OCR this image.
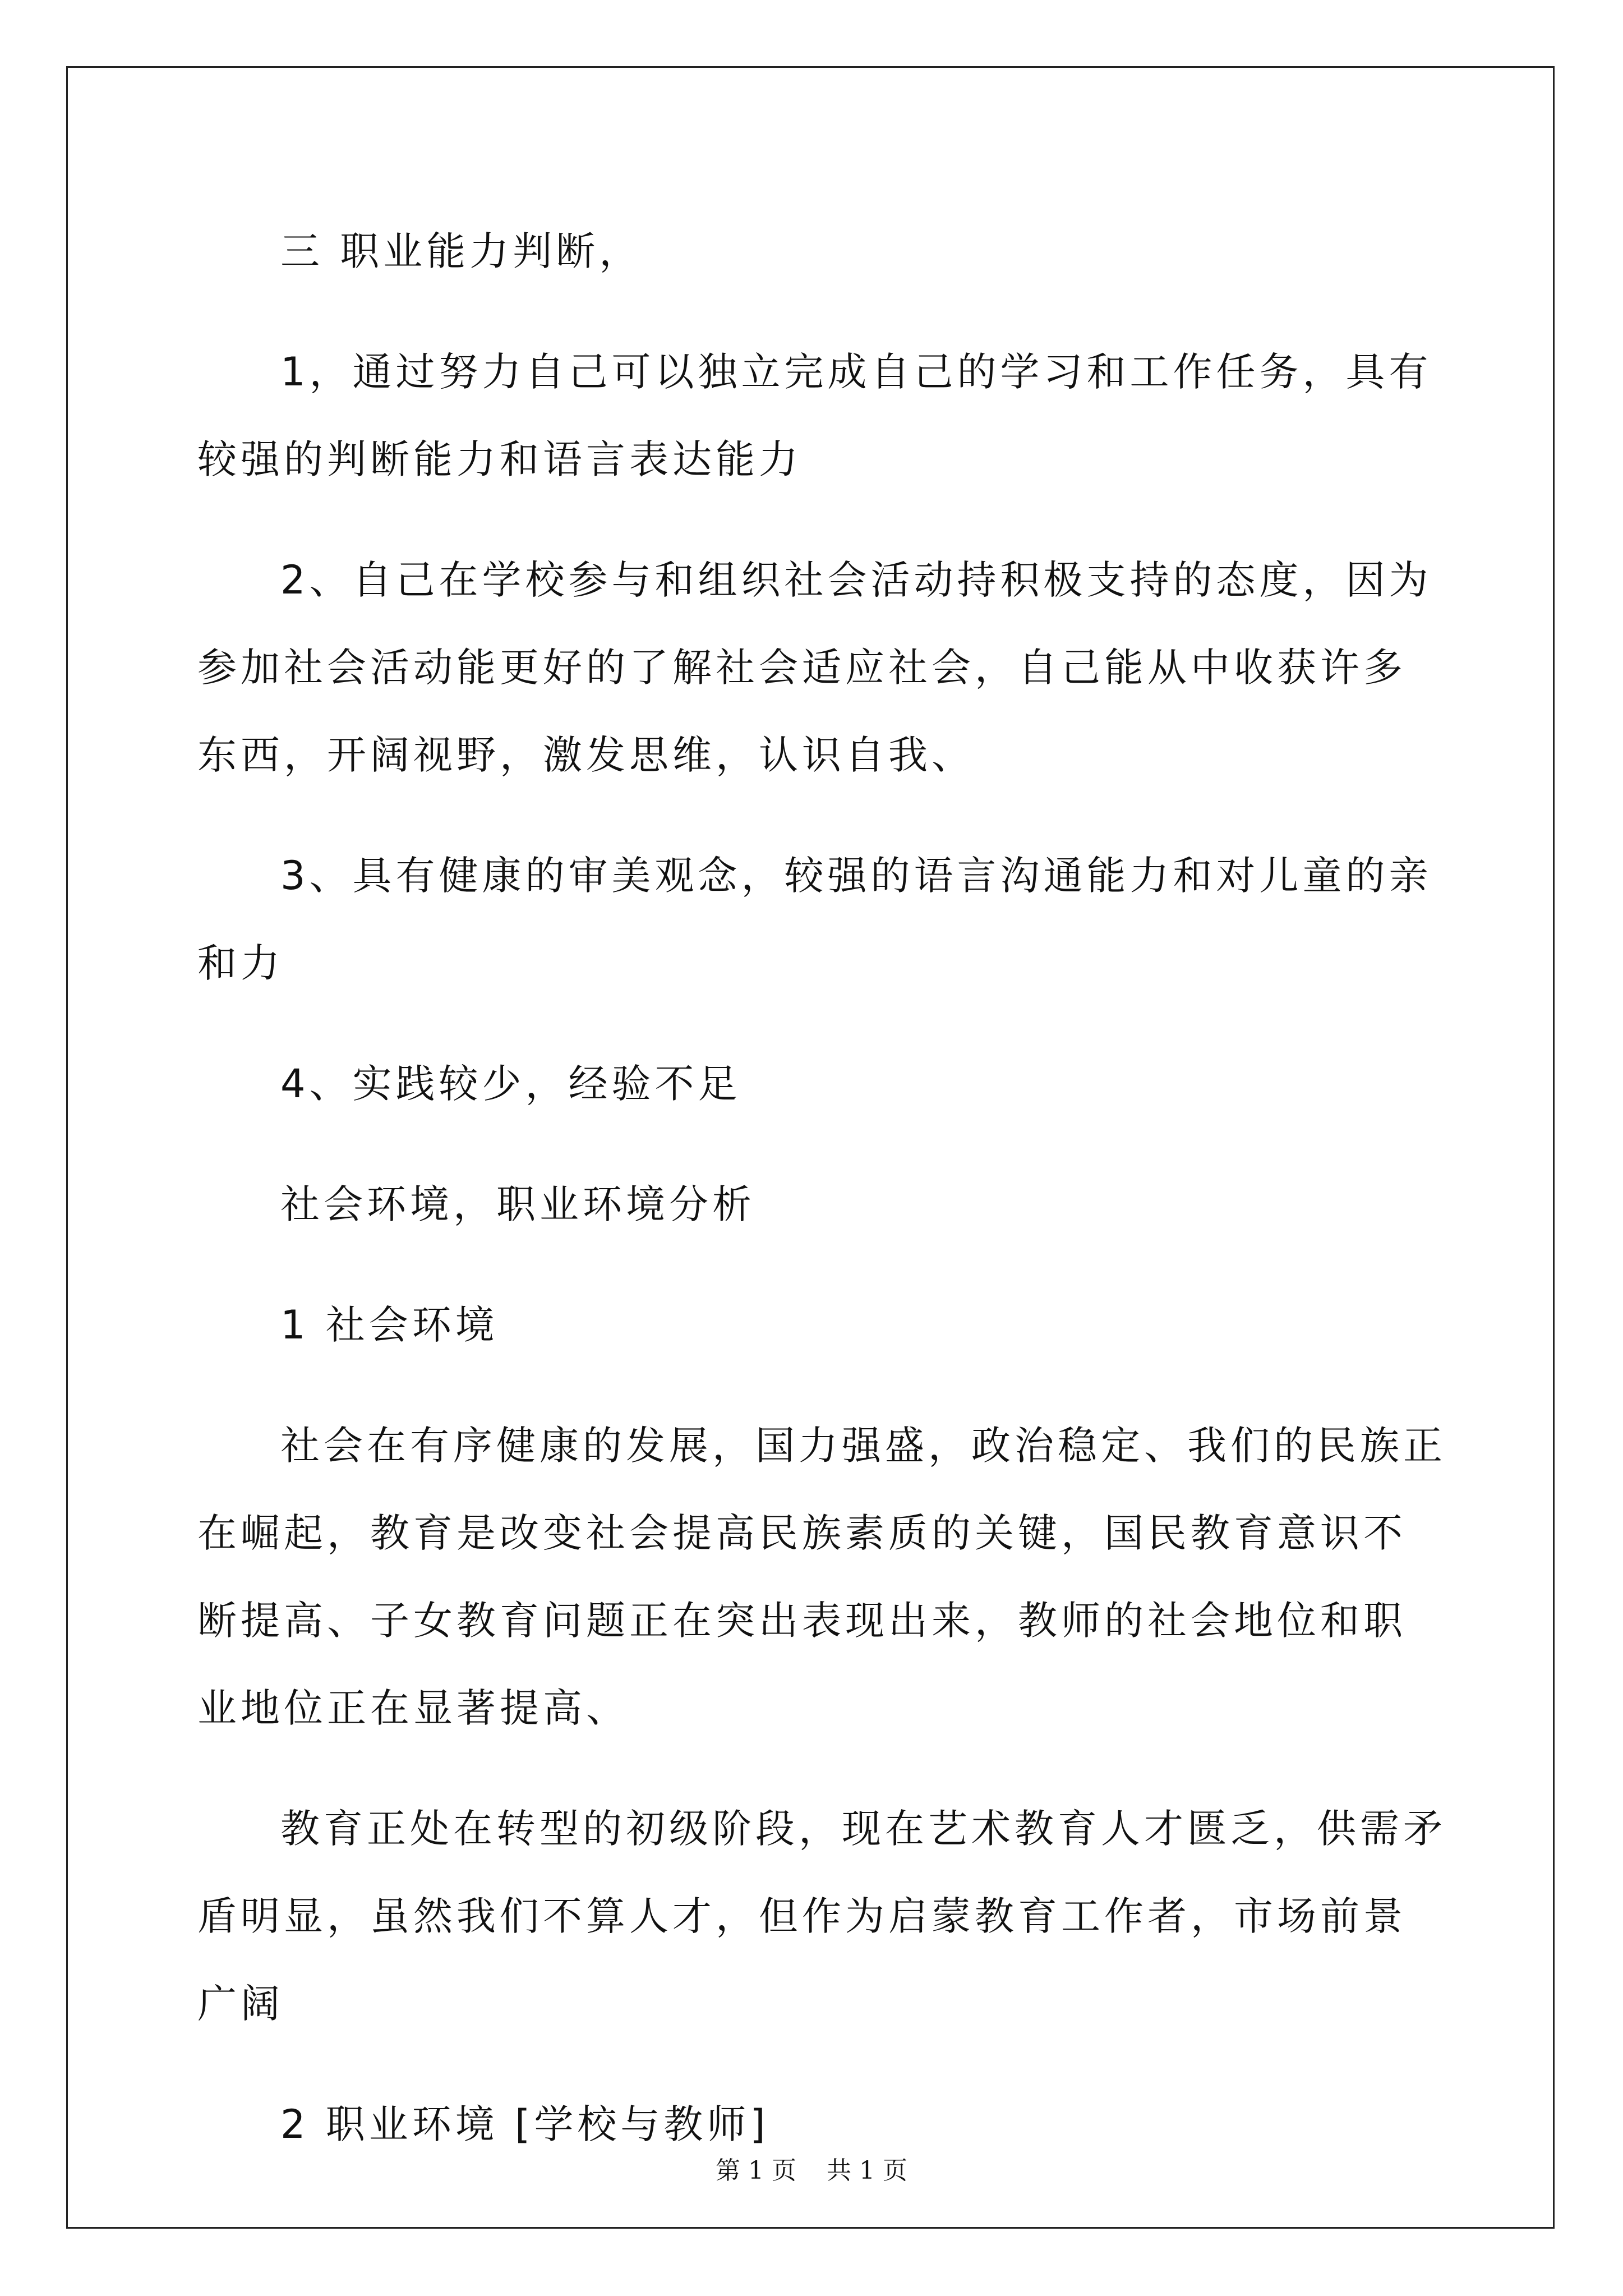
三 职业能力判断，

1，通过努力自己可以独立完成自己的学习和工作任务，具有较强的判断能力和语言表达能力

2、自己在学校参与和组织社会活动持积极支持的态度，因为参加社会活动能更好的了解社会适应社会，自己能从中收获许多东西，开阔视野，激发思维，认识自我、

3、具有健康的审美观念，较强的语言沟通能力和对儿童的亲和力

4、实践较少，经验不足

社会环境，职业环境分析

1 社会环境

社会在有序健康的发展，国力强盛，政治稳定、我们的民族正在崛起，教育是改变社会提高民族素质的关键，国民教育意识不断提高、子女教育问题正在突出表现出来，教师的社会地位和职业地位正在显著提高、

教育正处在转型的初级阶段，现在艺术教育人才匮乏，供需矛盾明显，虽然我们不算人才，但作为启蒙教育工作者，市场前景广阔

2 职业环境 [学校与教师]

第 1 页 共 1 页
